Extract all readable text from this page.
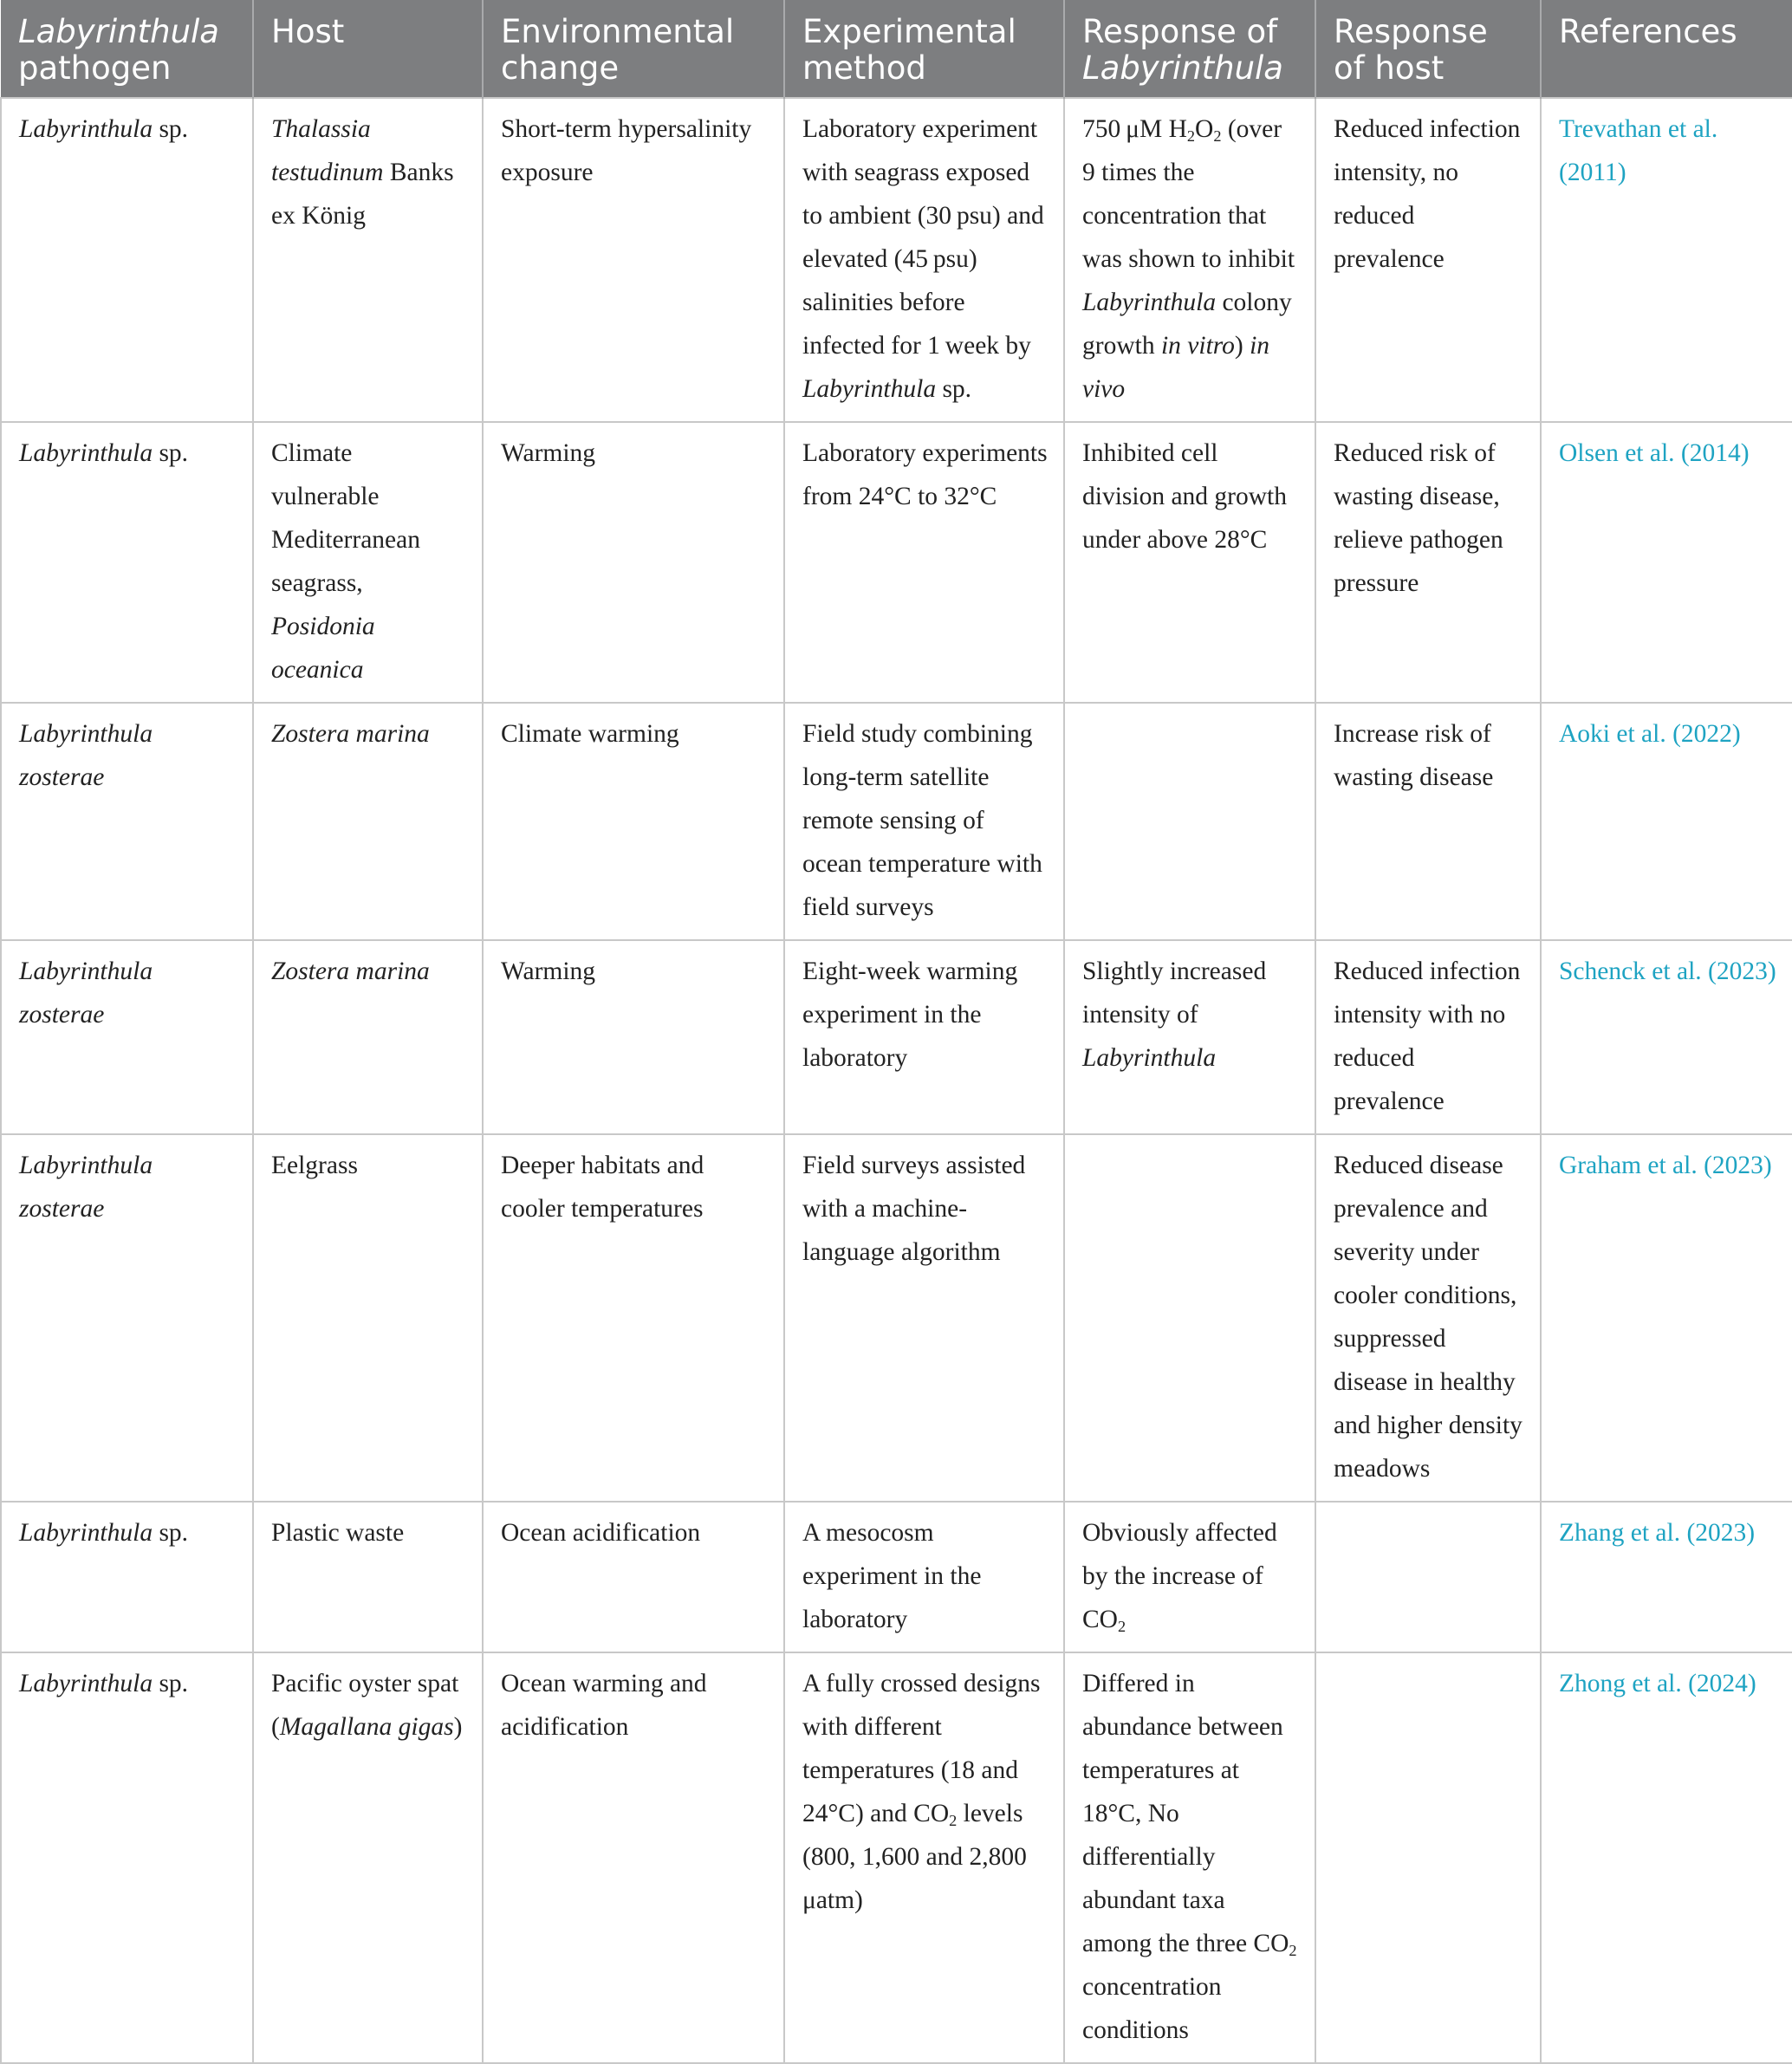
Labyrinthula pathogen	Host	Environmental change	Experimental method	Response of Labyrinthula	Response of host	References
Labyrinthula sp.	Thalassia testudinum Banks ex König	Short-term hypersalinity exposure	Laboratory experiment with seagrass exposed to ambient (30 psu) and elevated (45 psu) salinities before infected for 1 week by Labyrinthula sp.	750 μM $H_2O_2$ (over 9 times the concentration that was shown to inhibit Labyrinthula colony growth in vitro) in vivo	Reduced infection intensity, no reduced prevalence	Trevathan et al. (2011)
Labyrinthula sp.	Climate vulnerable Mediterranean seagrass, Posidonia oceanica	Warming	Laboratory experiments from 24°C to 32°C	Inhibited cell division and growth under above 28°C	Reduced risk of wasting disease, relieve pathogen pressure	Olsen et al. (2014)
Labyrinthula zosterae	Zostera marina	Climate warming	Field study combining long-term satellite remote sensing of ocean temperature with field surveys		Increase risk of wasting disease	Aoki et al. (2022)
Labyrinthula zosterae	Zostera marina	Warming	Eight-week warming experiment in the laboratory	Slightly increased intensity of Labyrinthula	Reduced infection intensity with no reduced prevalence	Schenck et al. (2023)
Labyrinthula zosterae	Eelgrass	Deeper habitats and cooler temperatures	Field surveys assisted with a machine-language algorithm		Reduced disease prevalence and severity under cooler conditions, suppressed disease in healthy and higher density meadows	Graham et al. (2023)
Labyrinthula sp.	Plastic waste	Ocean acidification	A mesocosm experiment in the laboratory	Obviously affected by the increase of $CO_2$		Zhang et al. (2023)
Labyrinthula sp.	Pacific oyster spat (Magallana gigas)	Ocean warming and acidification	A fully crossed designs with different temperatures (18 and 24°C) and $CO_2$ levels (800, 1,600 and 2,800 μatm)	Differed in abundance between temperatures at 18°C, No differentially abundant taxa among the three $CO_2$ concentration conditions		Zhong et al. (2024)
